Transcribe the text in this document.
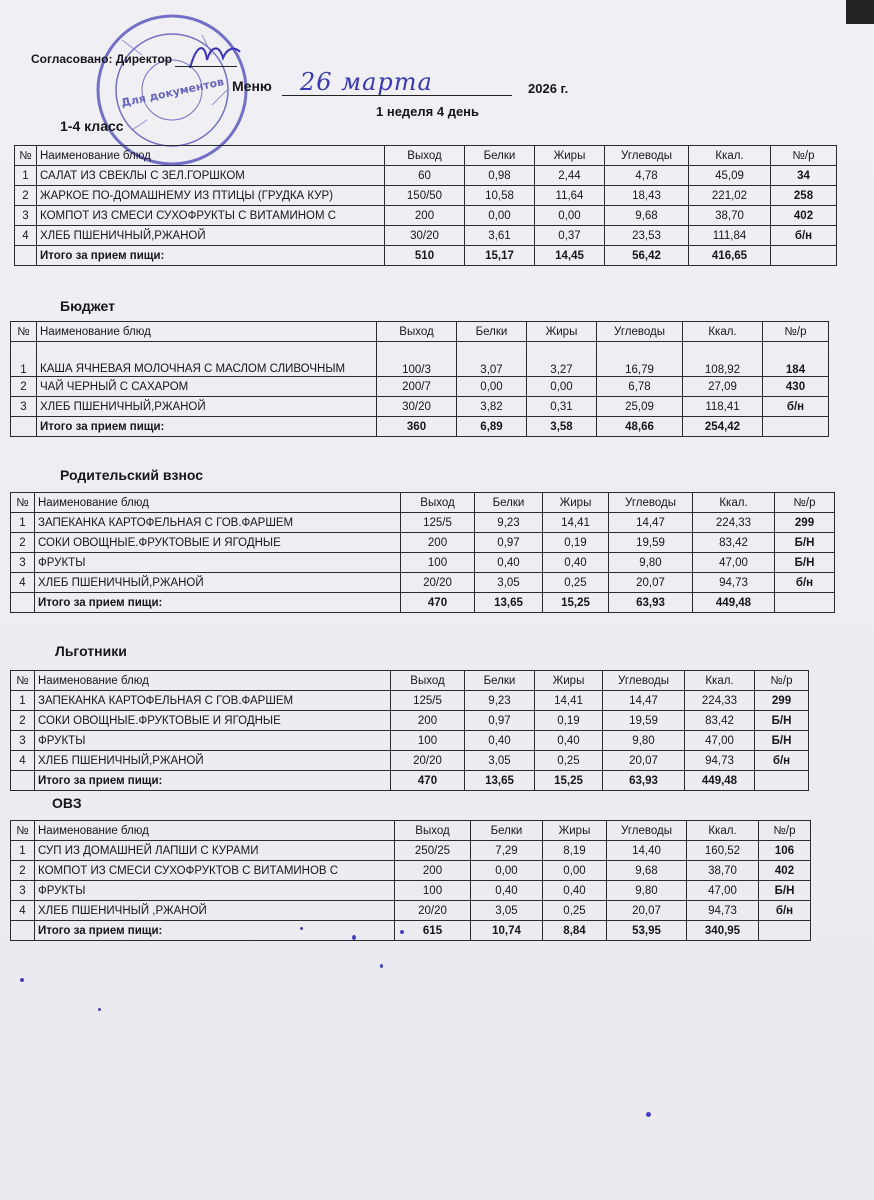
Для документов
Согласовано: Директор
Меню 26 марта	2026 г.
1 неделя 4 день
1-4 класс
№	Наименование блюд	Выход	Белки	Жиры	Углеводы	Ккал.	№/р
1	САЛАТ ИЗ СВЕКЛЫ С ЗЕЛ.ГОРШКОМ	60	0,98	2,44	4,78	45,09	34
2	ЖАРКОЕ ПО-ДОМАШНЕМУ ИЗ ПТИЦЫ (ГРУДКА КУР)	150/50	10,58	11,64	18,43	221,02	258
3	КОМПОТ ИЗ СМЕСИ СУХОФРУКТЫ С ВИТАМИНОМ С	200	0,00	0,00	9,68	38,70	402
4	ХЛЕБ ПШЕНИЧНЫЙ,РЖАНОЙ	30/20	3,61	0,37	23,53	111,84	б/н
	Итого за прием пищи:	510	15,17	14,45	56,42	416,65	
Бюджет
№	Наименование блюд	Выход	Белки	Жиры	Углеводы	Ккал.	№/р
1	КАША ЯЧНЕВАЯ МОЛОЧНАЯ С МАСЛОМ СЛИВОЧНЫМ	100/3	3,07	3,27	16,79	108,92	184
2	ЧАЙ ЧЕРНЫЙ С САХАРОМ	200/7	0,00	0,00	6,78	27,09	430
3	ХЛЕБ ПШЕНИЧНЫЙ,РЖАНОЙ	30/20	3,82	0,31	25,09	118,41	б/н
	Итого за прием пищи:	360	6,89	3,58	48,66	254,42	
Родительский взнос
№	Наименование блюд	Выход	Белки	Жиры	Углеводы	Ккал.	№/р
1	ЗАПЕКАНКА КАРТОФЕЛЬНАЯ С ГОВ.ФАРШЕМ	125/5	9,23	14,41	14,47	224,33	299
2	СОКИ ОВОЩНЫЕ.ФРУКТОВЫЕ И ЯГОДНЫЕ	200	0,97	0,19	19,59	83,42	Б/Н
3	ФРУКТЫ	100	0,40	0,40	9,80	47,00	Б/Н
4	ХЛЕБ ПШЕНИЧНЫЙ,РЖАНОЙ	20/20	3,05	0,25	20,07	94,73	б/н
	Итого за прием пищи:	470	13,65	15,25	63,93	449,48	
Льготники
№	Наименование блюд	Выход	Белки	Жиры	Углеводы	Ккал.	№/р
1	ЗАПЕКАНКА КАРТОФЕЛЬНАЯ С ГОВ.ФАРШЕМ	125/5	9,23	14,41	14,47	224,33	299
2	СОКИ ОВОЩНЫЕ.ФРУКТОВЫЕ И ЯГОДНЫЕ	200	0,97	0,19	19,59	83,42	Б/Н
3	ФРУКТЫ	100	0,40	0,40	9,80	47,00	Б/Н
4	ХЛЕБ ПШЕНИЧНЫЙ,РЖАНОЙ	20/20	3,05	0,25	20,07	94,73	б/н
	Итого за прием пищи:	470	13,65	15,25	63,93	449,48	
ОВЗ
№	Наименование блюд	Выход	Белки	Жиры	Углеводы	Ккал.	№/р
1	СУП ИЗ ДОМАШНЕЙ ЛАПШИ С КУРАМИ	250/25	7,29	8,19	14,40	160,52	106
2	КОМПОТ ИЗ СМЕСИ СУХОФРУКТОВ С ВИТАМИНОВ С	200	0,00	0,00	9,68	38,70	402
3	ФРУКТЫ	100	0,40	0,40	9,80	47,00	Б/Н
4	ХЛЕБ ПШЕНИЧНЫЙ ,РЖАНОЙ	20/20	3,05	0,25	20,07	94,73	б/н
	Итого за прием пищи:	615	10,74	8,84	53,95	340,95	
